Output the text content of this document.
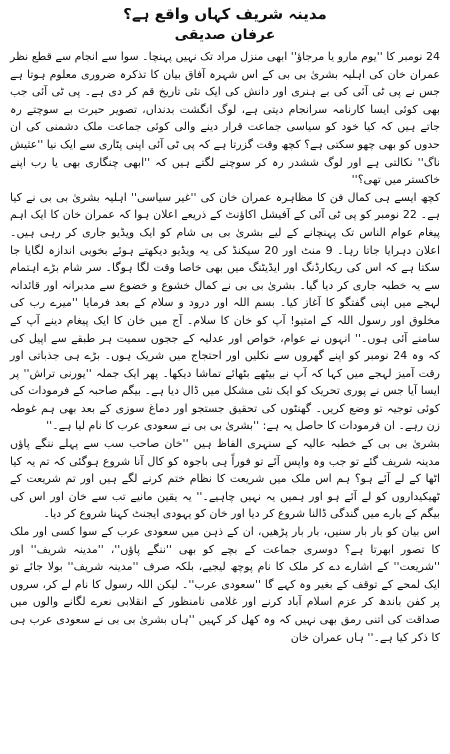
مدینہ شریف کہاں واقع ہے؟
عرفان صدیقی

24 نومبر کا ''یوم مارو یا مرجاؤ'' ابھی منزل مراد تک نہیں پہنچا۔ سوا سے انجام سے قطع نظر عمران خان کی اہلیہ بشریٰ بی بی کے اس شہرہ آفاق بیان کا تذکرہ ضروری معلوم ہوتا ہے جس نے پی ٹی آئی کی بے ہنری اور دانش کی ایک نئی تاریخ قم کر دی ہے۔ پی ٹی آئی جب بھی کوئی ایسا کارنامہ سرانجام دیتی ہے، لوگ انگشت بدنداں، تصویر حیرت بے سوچتے رہ جاتے ہیں کہ کیا خود کو سیاسی جماعت قرار دینے والی کوئی جماعت ملک دشمنی کی ان حدوں کو بھی چھو سکتی ہے؟ کچھ وقت گزرتا ہے کہ پی ٹی آئی اپنی پٹاری سے ایک نیا ''عثیش ناگ'' نکالتی ہے اور لوگ ششدر رہ کر سوچنے لگتے ہیں کہ ''ابھی چنگاری بھی یا رب اپنے خاکستر میں تھی؟''

کچھ ایسے ہی کمال فن کا مظاہرہ عمران خان کی ''غیر سیاسی'' اہلیہ بشریٰ بی بی نے کیا ہے۔ 22 نومبر کو پی ٹی آئی کے آفیشل اکاؤنٹ کے ذریعے اعلان ہوا کہ عمران خان کا ایک اہم پیغام عوام الناس تک پہنچانے کے لیے بشریٰ بی بی شام کو ایک ویڈیو جاری کر رہی ہیں۔ اعلان دہرایا جاتا رہا۔ 9 منٹ اور 20 سیکنڈ کی یہ ویڈیو دیکھتے ہوئے بخوبی اندازہ لگایا جا سکتا ہے کہ اس کی ریکارڈنگ اور ایڈیٹنگ میں بھی خاصا وقت لگا ہوگا۔ سر شام بڑے اہتمام سے یہ خطبہ جاری کر دیا گیا۔ بشریٰ بی بی نے کمال خشوع و خضوع سے مدبرانہ اور قائدانہ لہجے میں اپنی گفتگو کا آغاز کیا۔ بسم اللہ اور درود و سلام کے بعد فرمایا ''میرے رب کی مخلوق اور رسول اللہ کے امتیو! آپ کو خان کا سلام۔ آج میں خان کا ایک پیغام دینے آپ کے سامنے آئی ہوں۔'' انہوں نے عوام، خواص اور عدلیہ کے ججوں سمیت ہر طبقے سے اپیل کی کہ وہ 24 نومبر کو اپنے گھروں سے نکلیں اور احتجاج میں شریک ہوں۔ بڑے ہی جذباتی اور رقت آمیز لہجے میں کہا کہ آپ نے بیٹھے بٹھائے تماشا دیکھا۔ پھر ایک جملہ ''یورنی تراش'' پر ایسا آیا جس نے پوری تحریک کو ایک نئی مشکل میں ڈال دیا ہے۔ بیگم صاحبہ کے فرمودات کی کوئی توجیہ تو وضع کریں۔ گھنٹوں کی تحقیق جستجو اور دماغ سوزی کے بعد بھی ہم غوطہ زن رہے۔ ان فرمودات کا حاصل یہ ہے: ''بشریٰ بی بی نے سعودی عرب کا نام لیا ہے۔''

بشریٰ بی بی کے خطبہ عالیہ کے سنہری الفاظ ہیں ''خان صاحب سب سے پہلے ننگے پاؤں مدینہ شریف گئے تو جب وہ واپس آئے تو فوراً ہی باجوہ کو کال آنا شروع ہوگئی کہ تم یہ کیا اٹھا کے لے آئے ہو؟ ہم اس ملک میں شریعت کا نظام ختم کرنے لگے ہیں اور تم شریعت کے ٹھیکیداروں کو لے آئے ہو اور ہمیں یہ نہیں چاہیے۔'' یہ یقین مانیے تب سے خان اور اس کی بیگم کے بارے میں گندگی ڈالنا شروع کر دیا اور خان کو یہودی ایجنٹ کہنا شروع کر دیا۔

اس بیان کو بار بار سنیں، بار بار پڑھیں، ان کے ذہن میں سعودی عرب کے سوا کسی اور ملک کا تصور ابھرتا ہے؟ دوسری جماعت کے بچے کو بھی ''ننگے پاؤں''، ''مدینہ شریف'' اور ''شریعت'' کے اشارے دے کر ملک کا نام پوچھ لیجیے، بلکہ صرف ''مدینہ شریف'' بولا جائے تو ایک لمحے کے توقف کے بغیر وہ کہے گا ''سعودی عرب''۔ لیکن اللہ رسول کا نام لے کر، سروں پر کفن باندھ کر عزم اسلام آباد کرنے اور غلامی نامنظور کے انقلابی نعرے لگانے والوں میں صداقت کی اتنی رمق بھی نہیں کہ وہ کھل کر کہیں ''ہاں بشریٰ بی بی نے سعودی عرب ہی کا ذکر کیا ہے۔'' ہاں عمران خان
